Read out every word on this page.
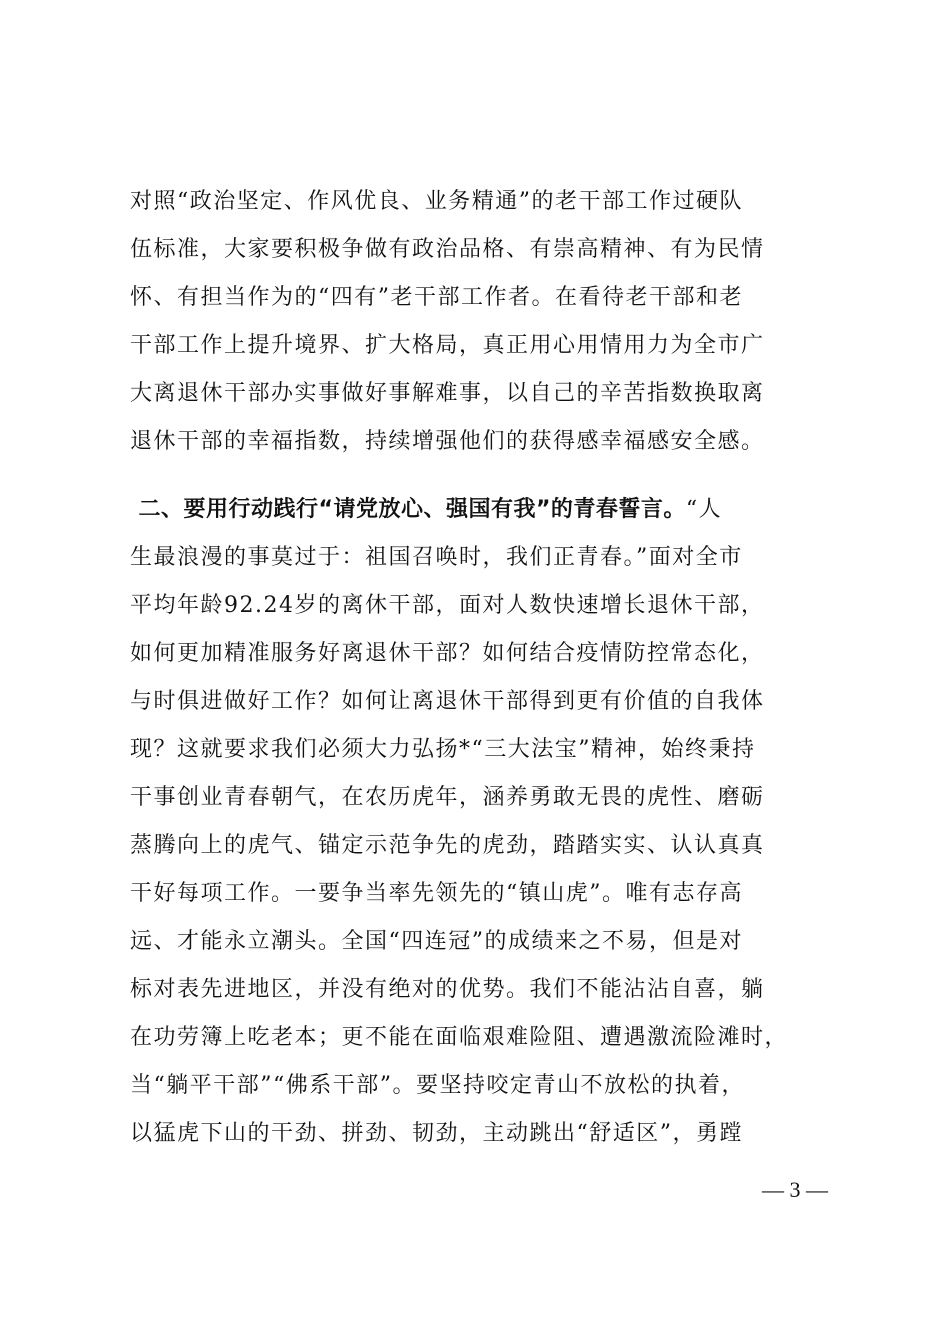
对照“政治坚定、作风优良、业务精通”的老干部工作过硬队
伍标准，大家要积极争做有政治品格、有崇高精神、有为民情
怀、有担当作为的“四有”老干部工作者。在看待老干部和老
干部工作上提升境界、扩大格局，真正用心用情用力为全市广
大离退休干部办实事做好事解难事，以自己的辛苦指数换取离
退休干部的幸福指数，持续增强他们的获得感幸福感安全感。
二、要用行动践行“请党放心、强国有我”的青春誓言。“人
生最浪漫的事莫过于：祖国召唤时，我们正青春。”面对全市
平均年龄92.24岁的离休干部，面对人数快速增长退休干部，
如何更加精准服务好离退休干部？如何结合疫情防控常态化，
与时俱进做好工作？如何让离退休干部得到更有价值的自我体
现？这就要求我们必须大力弘扬*“三大法宝”精神，始终秉持
干事创业青春朝气，在农历虎年，涵养勇敢无畏的虎性、磨砺
蒸腾向上的虎气、锚定示范争先的虎劲，踏踏实实、认认真真
干好每项工作。一要争当率先领先的“镇山虎”。唯有志存高
远、才能永立潮头。全国“四连冠”的成绩来之不易，但是对
标对表先进地区，并没有绝对的优势。我们不能沾沾自喜，躺
在功劳簿上吃老本；更不能在面临艰难险阻、遭遇激流险滩时，
当“躺平干部”“佛系干部”。要坚持咬定青山不放松的执着，
以猛虎下山的干劲、拼劲、韧劲，主动跳出“舒适区”，勇蹚
— 3 —
